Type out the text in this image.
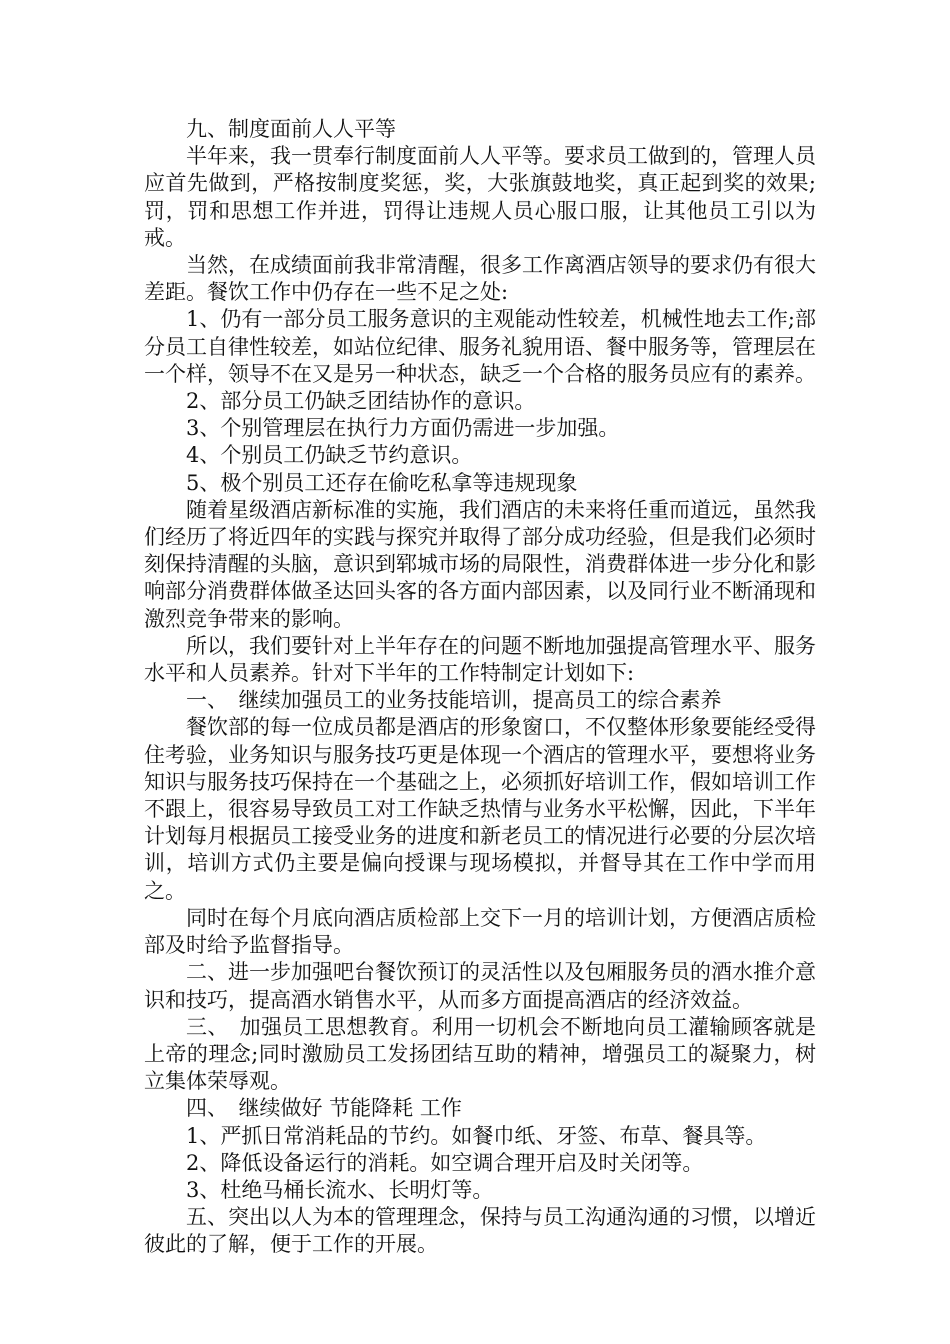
九、制度面前人人平等

半年来，我一贯奉行制度面前人人平等。要求员工做到的，管理人员应首先做到，严格按制度奖惩，奖，大张旗鼓地奖，真正起到奖的效果;罚，罚和思想工作并进，罚得让违规人员心服口服，让其他员工引以为戒。

当然，在成绩面前我非常清醒，很多工作离酒店领导的要求仍有很大差距。餐饮工作中仍存在一些不足之处:

1、仍有一部分员工服务意识的主观能动性较差，机械性地去工作;部分员工自律性较差，如站位纪律、服务礼貌用语、餐中服务等，管理层在一个样，领导不在又是另一种状态，缺乏一个合格的服务员应有的素养。

2、部分员工仍缺乏团结协作的意识。

3、个别管理层在执行力方面仍需进一步加强。

4、个别员工仍缺乏节约意识。

5、极个别员工还存在偷吃私拿等违规现象

随着星级酒店新标准的实施，我们酒店的未来将任重而道远，虽然我们经历了将近四年的实践与探究并取得了部分成功经验，但是我们必须时刻保持清醒的头脑，意识到郓城市场的局限性，消费群体进一步分化和影响部分消费群体做圣达回头客的各方面内部因素，以及同行业不断涌现和激烈竞争带来的影响。

所以，我们要针对上半年存在的问题不断地加强提高管理水平、服务水平和人员素养。针对下半年的工作特制定计划如下:

一、　继续加强员工的业务技能培训，提高员工的综合素养

餐饮部的每一位成员都是酒店的形象窗口，不仅整体形象要能经受得住考验，业务知识与服务技巧更是体现一个酒店的管理水平，要想将业务知识与服务技巧保持在一个基础之上，必须抓好培训工作，假如培训工作不跟上，很容易导致员工对工作缺乏热情与业务水平松懈，因此，下半年计划每月根据员工接受业务的进度和新老员工的情况进行必要的分层次培训，培训方式仍主要是偏向授课与现场模拟，并督导其在工作中学而用之。

同时在每个月底向酒店质检部上交下一月的培训计划，方便酒店质检部及时给予监督指导。

二、进一步加强吧台餐饮预订的灵活性以及包厢服务员的酒水推介意识和技巧，提高酒水销售水平，从而多方面提高酒店的经济效益。

三、　加强员工思想教育。利用一切机会不断地向员工灌输顾客就是上帝的理念;同时激励员工发扬团结互助的精神，增强员工的凝聚力，树立集体荣辱观。

四、　继续做好 节能降耗 工作

1、严抓日常消耗品的节约。如餐巾纸、牙签、布草、餐具等。

2、降低设备运行的消耗。如空调合理开启及时关闭等。

3、杜绝马桶长流水、长明灯等。

五、突出以人为本的管理理念，保持与员工沟通沟通的习惯，以增近彼此的了解，便于工作的开展。
